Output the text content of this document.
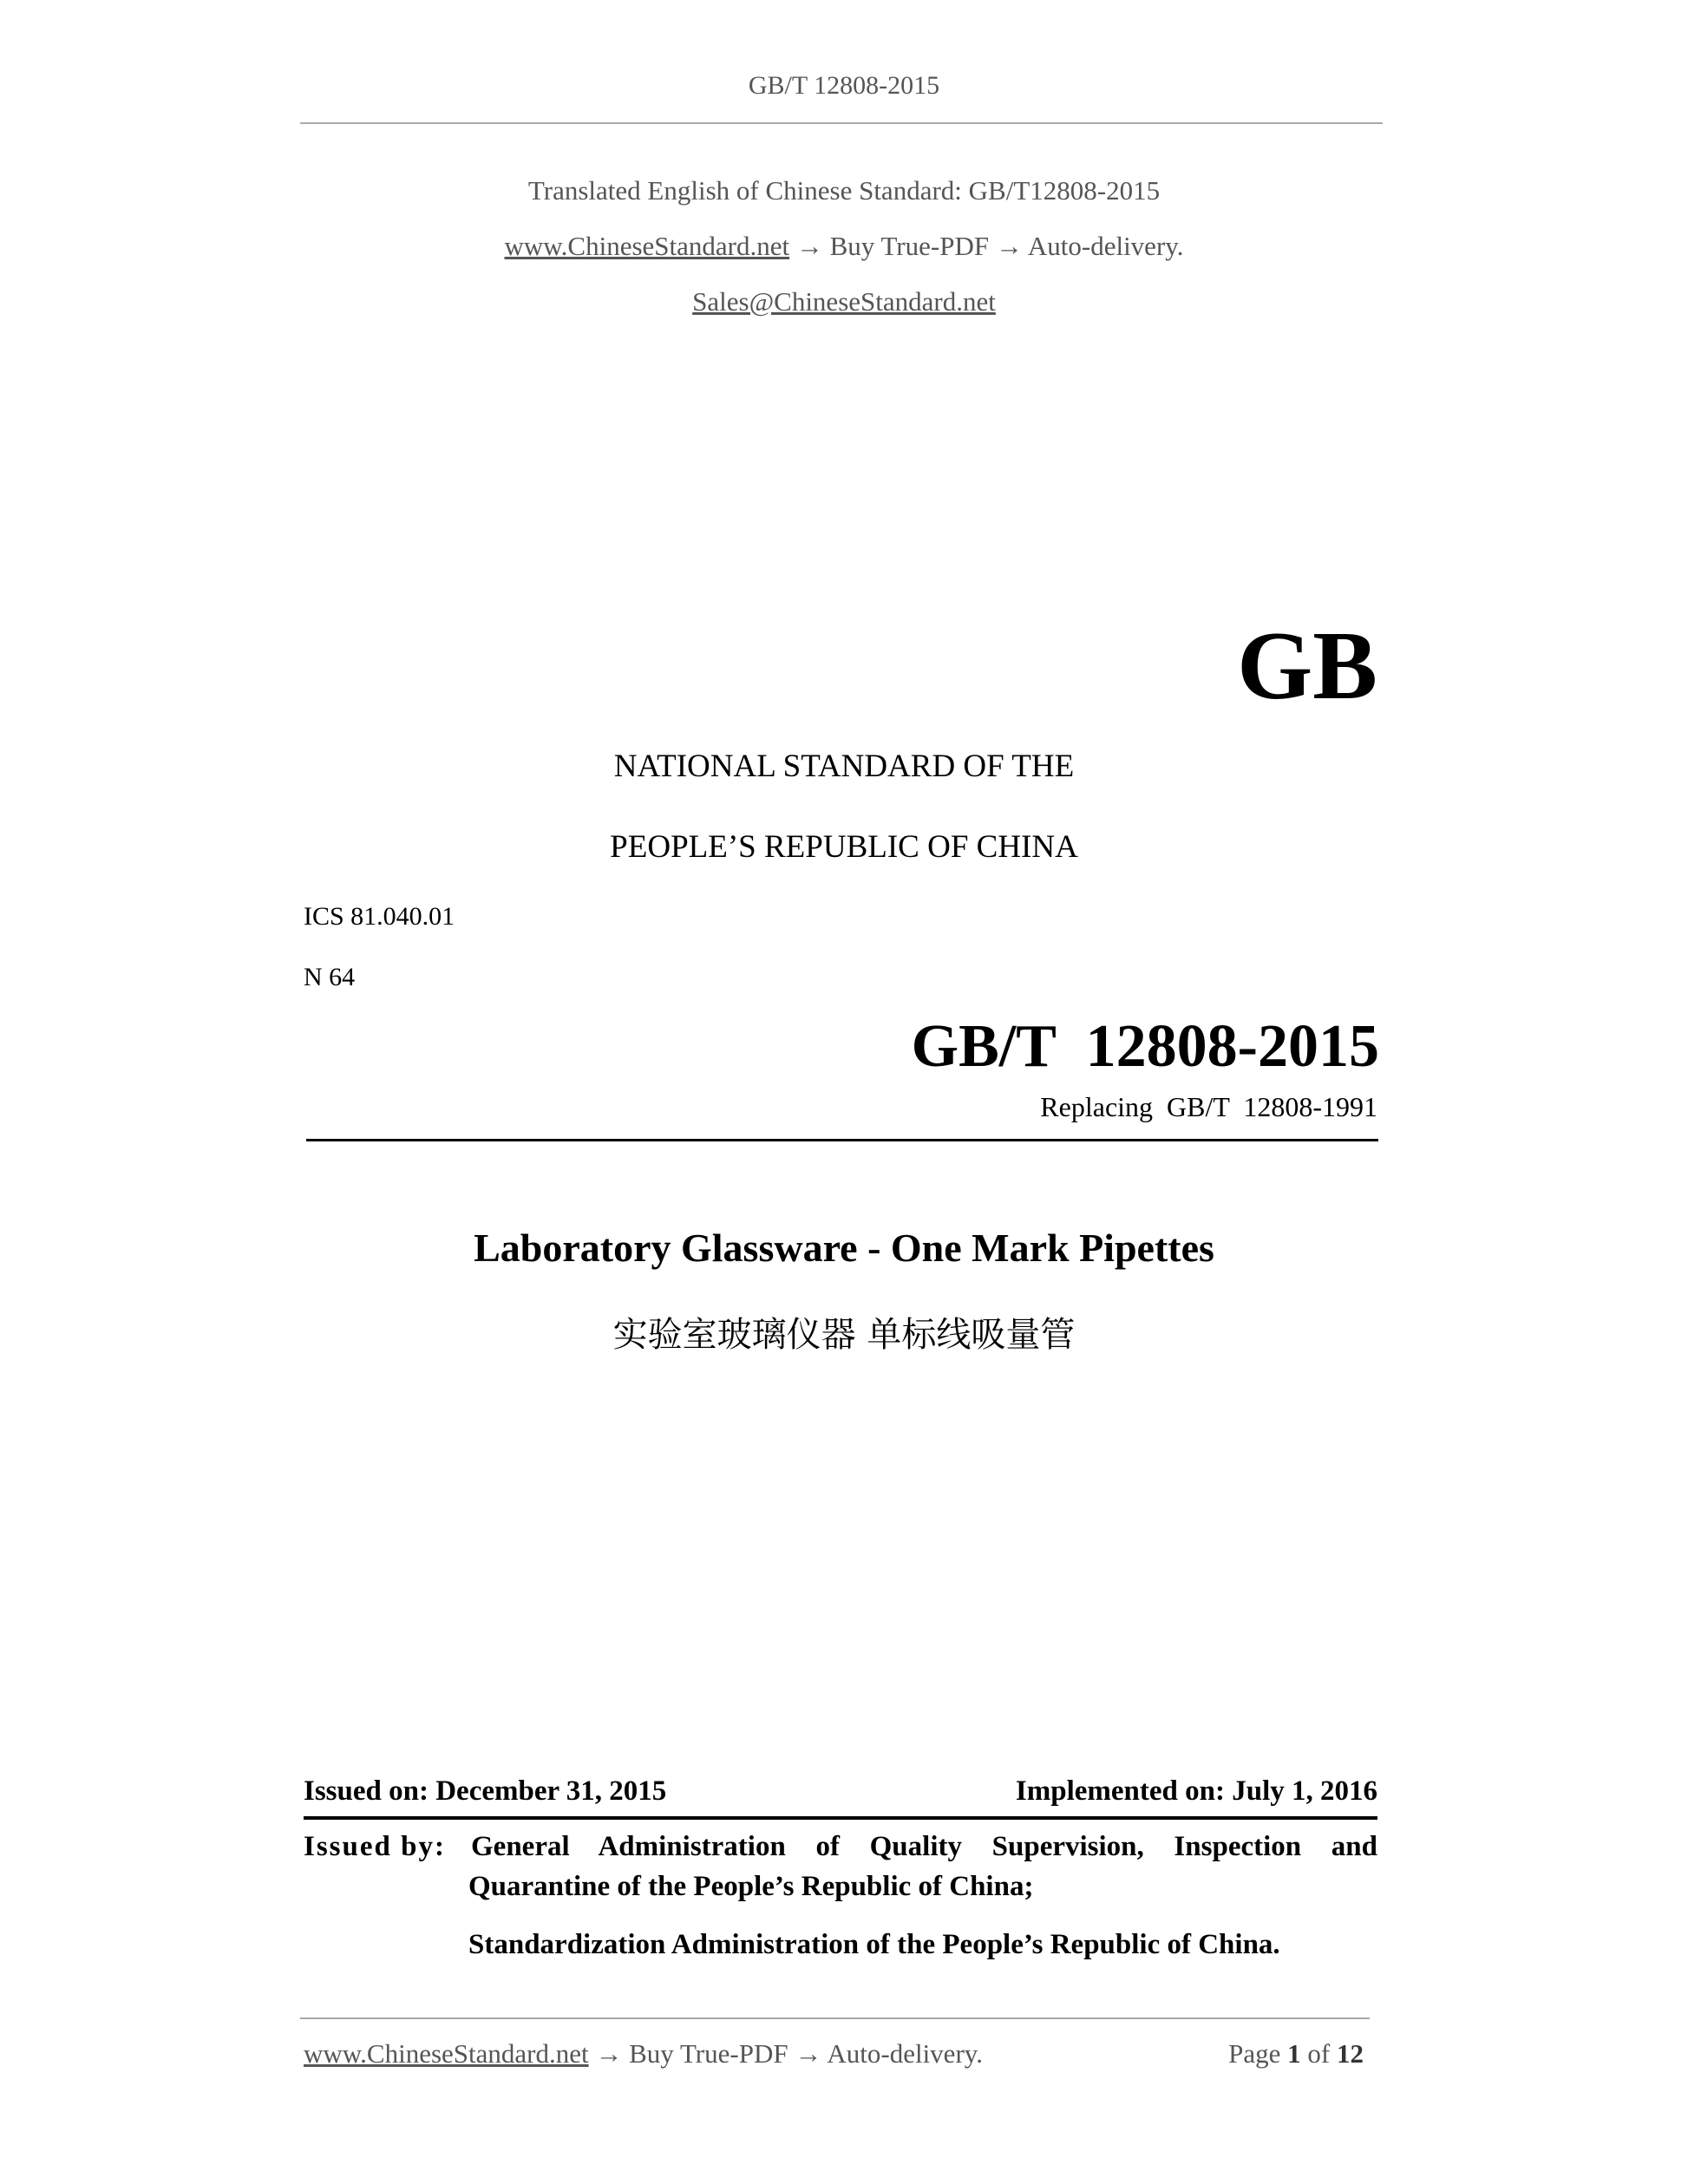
GB/T 12808-2015
Translated English of Chinese Standard: GB/T12808-2015
www.ChineseStandard.net → Buy True-PDF → Auto-delivery.
Sales@ChineseStandard.net
GB
NATIONAL STANDARD OF THE
PEOPLE’S REPUBLIC OF CHINA
ICS 81.040.01
N 64
GB/T  12808-2015
Replacing  GB/T  12808-1991
Laboratory Glassware - One Mark Pipettes
实验室玻璃仪器 单标线吸量管
Issued on: December 31, 2015	Implemented on: July 1, 2016
Issued by: General Administration of Quality Supervision, Inspection and
Quarantine of the People’s Republic of China;
Standardization Administration of the People’s Republic of China.
www.ChineseStandard.net → Buy True-PDF → Auto-delivery.	Page 1 of 12
